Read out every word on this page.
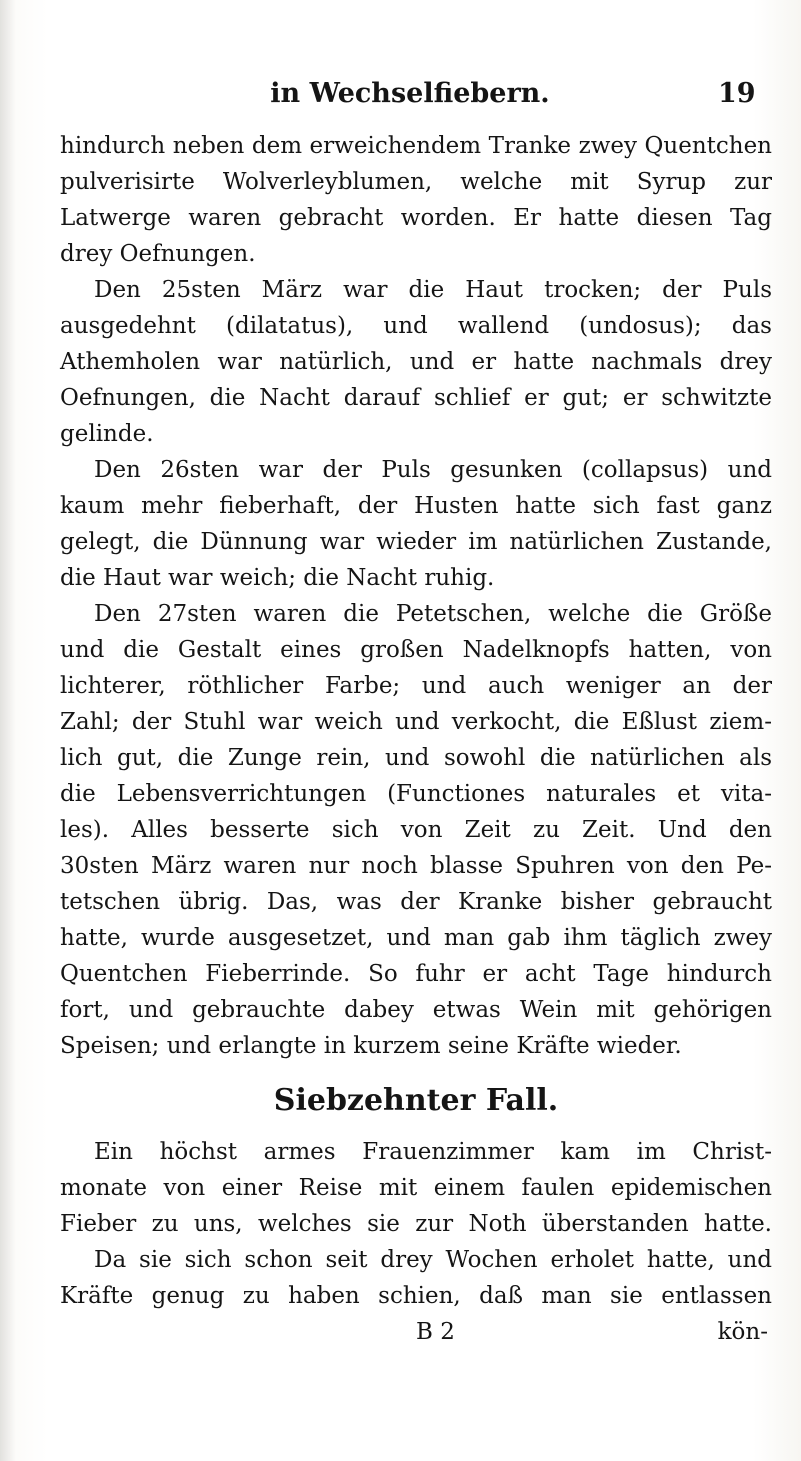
in Wechselfiebern.	19
hindurch neben dem erweichendem Tranke zwey Quentchen
pulverisirte Wolverleyblumen, welche mit Syrup zur
Latwerge waren gebracht worden. Er hatte diesen Tag
drey Oefnungen.
Den 25sten März war die Haut trocken; der Puls
ausgedehnt (dilatatus), und wallend (undosus); das
Athemholen war natürlich, und er hatte nachmals drey
Oefnungen, die Nacht darauf schlief er gut; er schwitzte
gelinde.
Den 26sten war der Puls gesunken (collapsus) und
kaum mehr fieberhaft, der Husten hatte sich fast ganz
gelegt, die Dünnung war wieder im natürlichen Zustande,
die Haut war weich; die Nacht ruhig.
Den 27sten waren die Petetschen, welche die Größe
und die Gestalt eines großen Nadelknopfs hatten, von
lichterer, röthlicher Farbe; und auch weniger an der
Zahl; der Stuhl war weich und verkocht, die Eßlust ziem-
lich gut, die Zunge rein, und sowohl die natürlichen als
die Lebensverrichtungen (Functiones naturales et vita-
les). Alles besserte sich von Zeit zu Zeit. Und den
30sten März waren nur noch blasse Spuhren von den Pe-
tetschen übrig. Das, was der Kranke bisher gebraucht
hatte, wurde ausgesetzet, und man gab ihm täglich zwey
Quentchen Fieberrinde. So fuhr er acht Tage hindurch
fort, und gebrauchte dabey etwas Wein mit gehörigen
Speisen; und erlangte in kurzem seine Kräfte wieder.
Siebzehnter Fall.
Ein höchst armes Frauenzimmer kam im Christ-
monate von einer Reise mit einem faulen epidemischen
Fieber zu uns, welches sie zur Noth überstanden hatte.
Da sie sich schon seit drey Wochen erholet hatte, und
Kräfte genug zu haben schien, daß man sie entlassen
B 2	kön-
